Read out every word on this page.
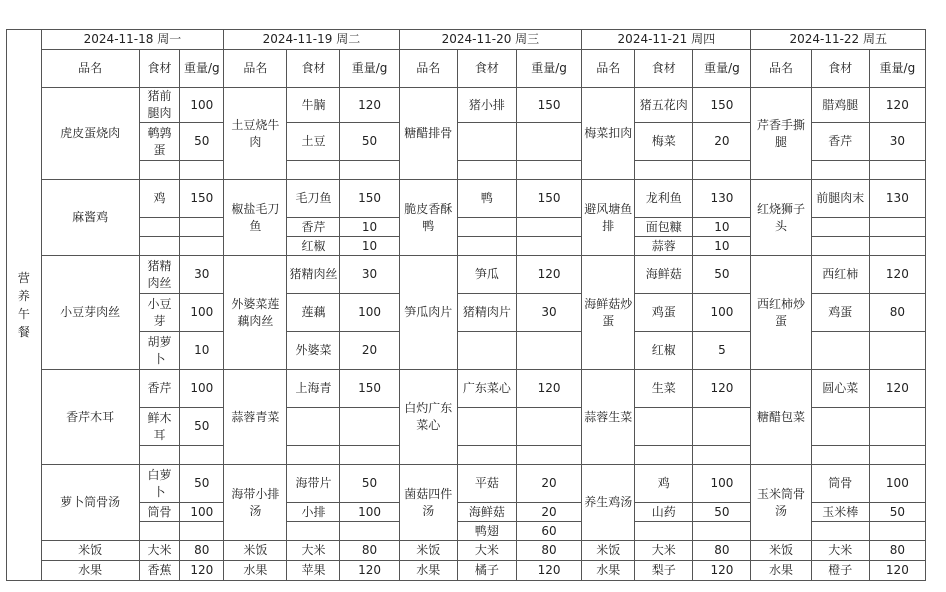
营养午餐	2024-11-18 周一			2024-11-19 周二			2024-11-20 周三			2024-11-21 周四			2024-11-22 周五		
	品名	食材	重量/g	品名	食材	重量/g	品名	食材	重量/g	品名	食材	重量/g	品名	食材	重量/g
	虎皮蛋烧肉	猪前腿肉	100	土豆烧牛肉	牛腩	120	糖醋排骨	猪小排	150	梅菜扣肉	猪五花肉	150	芹香手撕腿	腊鸡腿	120
		鹌鹑蛋	50		土豆	50					梅菜	20		香芹	30

	麻酱鸡	鸡	150	椒盐毛刀鱼	毛刀鱼	150	脆皮香酥鸭	鸭	150	避风塘鱼排	龙利鱼	130	红烧狮子头	前腿肉末	130
					香芹	10					面包糠	10			
					红椒	10					蒜蓉	10			
	小豆芽肉丝	猪精肉丝	30	外婆菜莲藕肉丝	猪精肉丝	30	笋瓜肉片	笋瓜	120	海鲜菇炒蛋	海鲜菇	50	西红柿炒蛋	西红柿	120
		小豆芽	100		莲藕	100		猪精肉片	30		鸡蛋	100		鸡蛋	80
		胡萝卜	10		外婆菜	20					红椒	5			
	香芹木耳	香芹	100	蒜蓉青菜	上海青	150	白灼广东菜心	广东菜心	120	蒜蓉生菜	生菜	120	糖醋包菜	圆心菜	120
		鲜木耳	50												

	萝卜筒骨汤	白萝卜	50	海带小排汤	海带片	50	菌菇四件汤	平菇	20	养生鸡汤	鸡	100	玉米筒骨汤	筒骨	100
		筒骨	100		小排	100		海鲜菇	20		山药	50		玉米棒	50
								鸭翅	60						
	米饭	大米	80	米饭	大米	80	米饭	大米	80	米饭	大米	80	米饭	大米	80
	水果	香蕉	120	水果	苹果	120	水果	橘子	120	水果	梨子	120	水果	橙子	120
